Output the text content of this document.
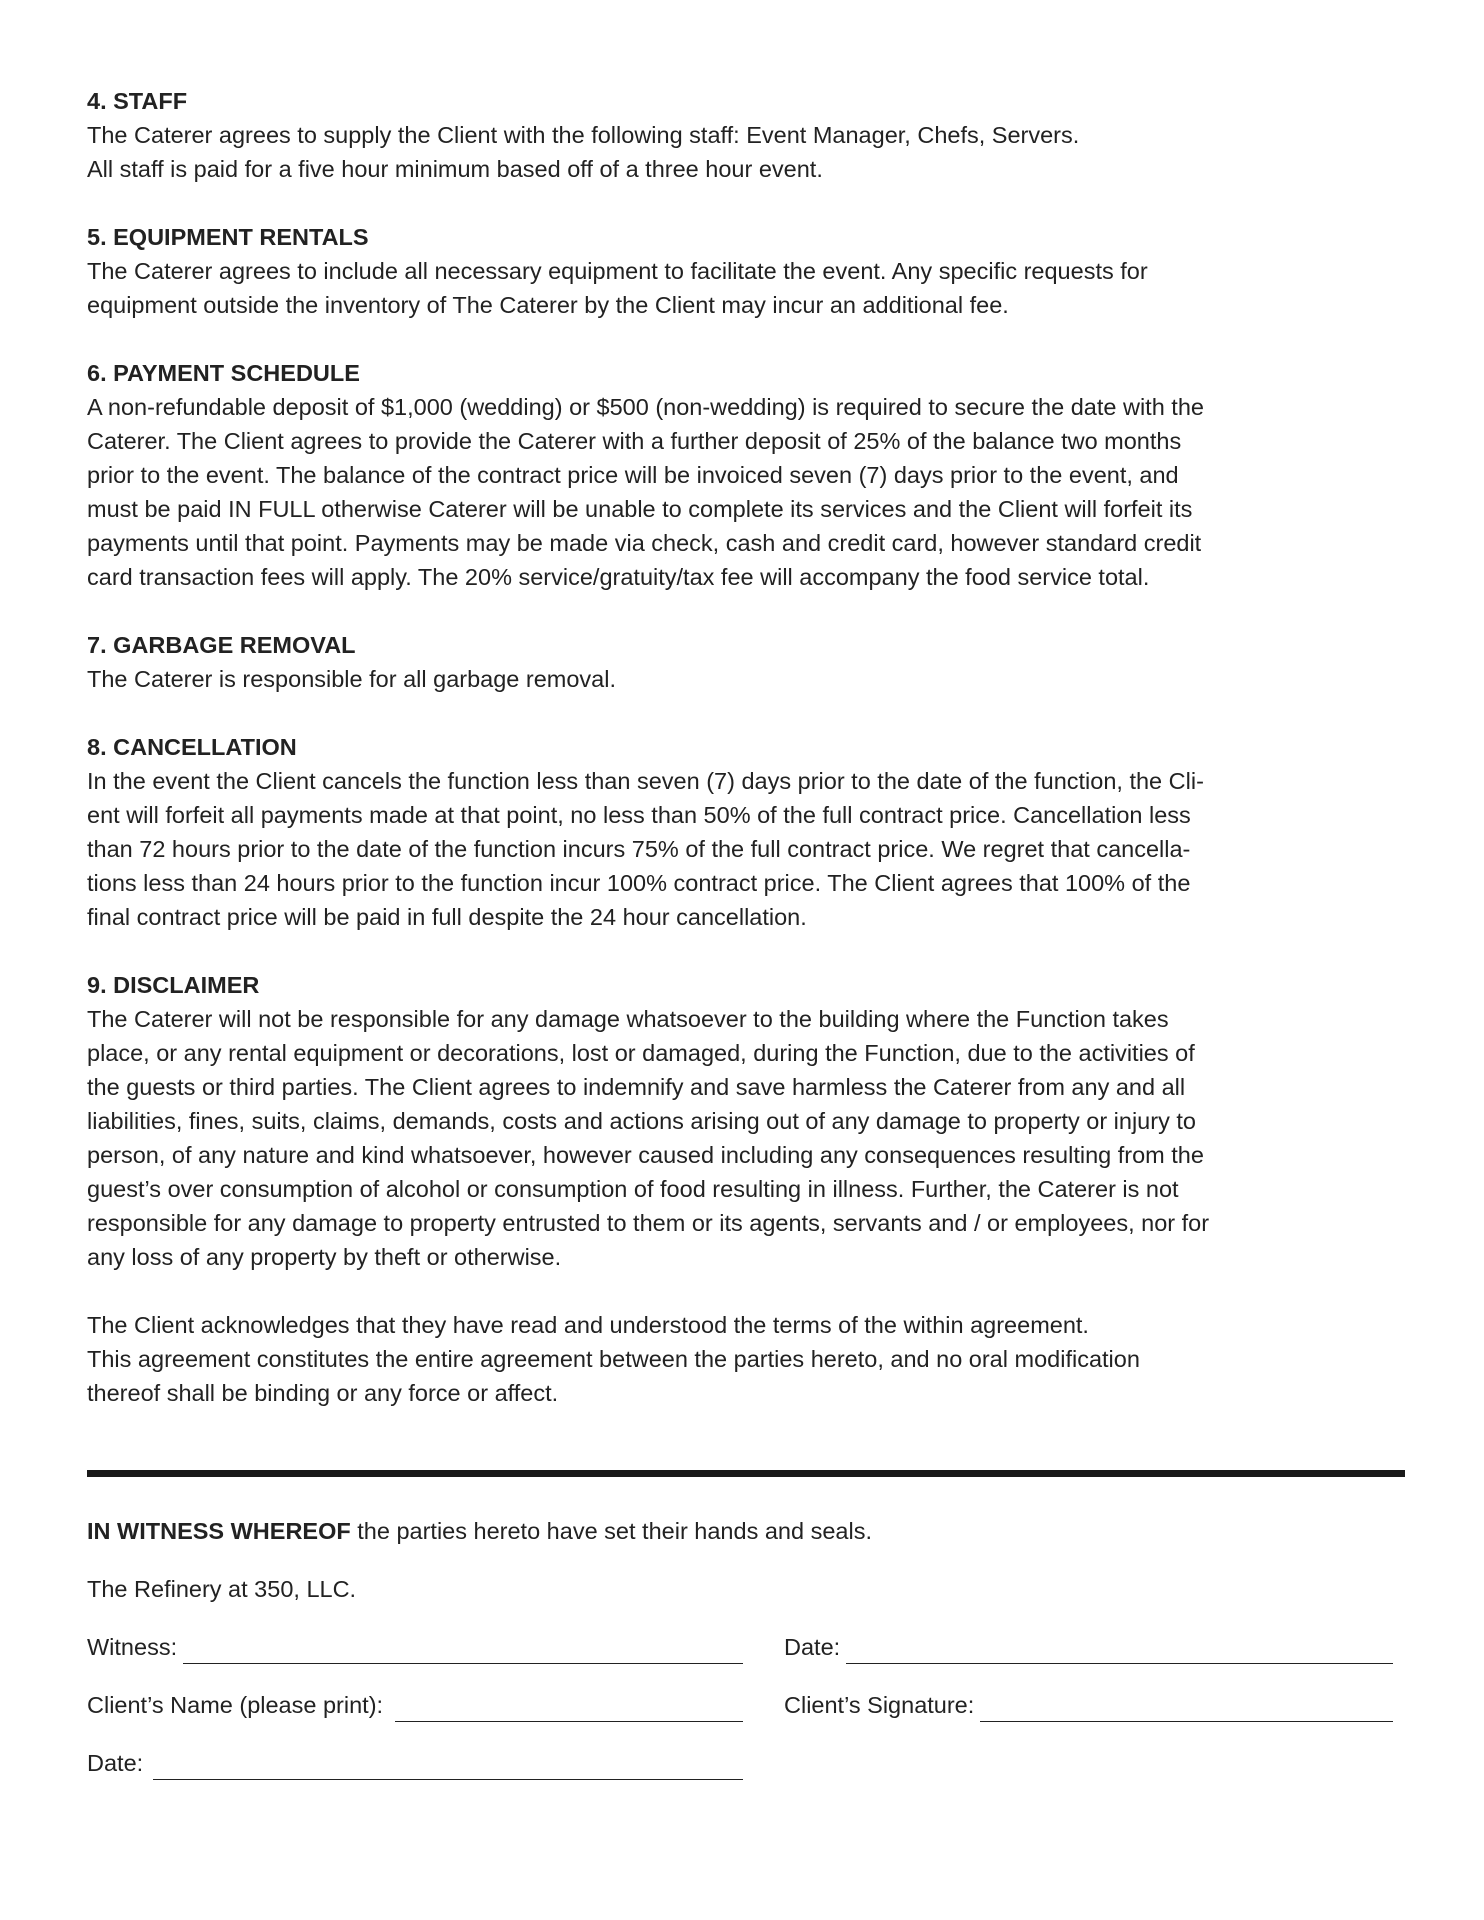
4. STAFF

The Caterer agrees to supply the Client with the following staff: Event Manager, Chefs, Servers.

All staff is paid for a five hour minimum based off of a three hour event.

5. EQUIPMENT RENTALS

The Caterer agrees to include all necessary equipment to facilitate the event. Any specific requests for

equipment outside the inventory of The Caterer by the Client may incur an additional fee.

6. PAYMENT SCHEDULE

A non-refundable deposit of $1,000 (wedding) or $500 (non-wedding) is required to secure the date with the

Caterer. The Client agrees to provide the Caterer with a further deposit of 25% of the balance two months

prior to the event. The balance of the contract price will be invoiced seven (7) days prior to the event, and

must be paid IN FULL otherwise Caterer will be unable to complete its services and the Client will forfeit its

payments until that point. Payments may be made via check, cash and credit card, however standard credit

card transaction fees will apply. The 20% service/gratuity/tax fee will accompany the food service total.

7. GARBAGE REMOVAL

The Caterer is responsible for all garbage removal.

8. CANCELLATION

In the event the Client cancels the function less than seven (7) days prior to the date of the function, the Cli-

ent will forfeit all payments made at that point, no less than 50% of the full contract price. Cancellation less

than 72 hours prior to the date of the function incurs 75% of the full contract price. We regret that cancella-

tions less than 24 hours prior to the function incur 100% contract price. The Client agrees that 100% of the

final contract price will be paid in full despite the 24 hour cancellation.

9. DISCLAIMER

The Caterer will not be responsible for any damage whatsoever to the building where the Function takes

place, or any rental equipment or decorations, lost or damaged, during the Function, due to the activities of

the guests or third parties. The Client agrees to indemnify and save harmless the Caterer from any and all

liabilities, fines, suits, claims, demands, costs and actions arising out of any damage to property or injury to

person, of any nature and kind whatsoever, however caused including any consequences resulting from the

guest’s over consumption of alcohol or consumption of food resulting in illness. Further, the Caterer is not

responsible for any damage to property entrusted to them or its agents, servants and / or employees, nor for

any loss of any property by theft or otherwise.

The Client acknowledges that they have read and understood the terms of the within agreement.

This agreement constitutes the entire agreement between the parties hereto, and no oral modification

thereof shall be binding or any force or affect.

IN WITNESS WHEREOF the parties hereto have set their hands and seals.
The Refinery at 350, LLC.
Witness:	Date:
Client’s Name (please print):	Client’s Signature:
Date:
